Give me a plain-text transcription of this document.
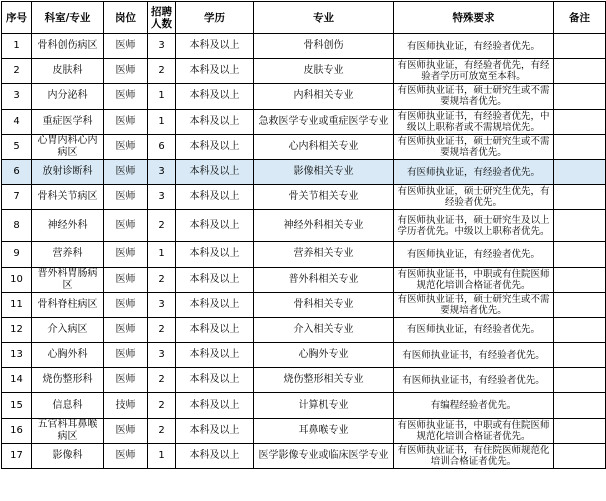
序号	科室/专业	岗位	招聘人数	学历	专业	特殊要求	备注
1	骨科创伤病区	医师	3	本科及以上	骨科创伤	有医师执业证，有经验者优先。	
2	皮肤科	医师	2	本科及以上	皮肤专业	有医师执业证，有经验者优先，有经验者学历可放宽至本科。	
3	内分泌科	医师	1	本科及以上	内科相关专业	有医师执业证书，硕士研究生或不需要规培者优先。	
4	重症医学科	医师	1	本科及以上	急救医学专业或重症医学专业	有医师执业证书，有经验者优先，中级以上职称者或不需规培优先。	
5	心胃内科心内病区	医师	6	本科及以上	心内科相关专业	有医师执业证书，硕士研究生或不需要规培者优先。	
6	放射诊断科	医师	3	本科及以上	影像相关专业	有医师执业证，有经验者优先。	
7	骨科关节病区	医师	3	本科及以上	骨关节相关专业	有医师执业证，硕士研究生优先，有经验者优先。	
8	神经外科	医师	2	本科及以上	神经外科相关专业	有医师执业证书，硕士研究生及以上学历者优先。中级以上职称者优先。	
9	营养科	医师	1	本科及以上	营养相关专业	有医师执业证，有经验者优先。	
10	普外科胃肠病区	医师	2	本科及以上	普外科相关专业	有医师执业证书，中职或有住院医师规范化培训合格证者优先。	
11	骨科脊柱病区	医师	3	本科及以上	骨科相关专业	有医师执业证书，硕士研究生或不需要规培者优先。	
12	介入病区	医师	2	本科及以上	介入相关专业	有医师执业证，有经验者优先。	
13	心胸外科	医师	3	本科及以上	心胸外专业	有医师执业证书，有经验者优先。	
14	烧伤整形科	医师	2	本科及以上	烧伤整形相关专业	有医师执业证书，有经验者优先。	
15	信息科	技师	2	本科及以上	计算机专业	有编程经验者优先。	
16	五官科耳鼻喉病区	医师	2	本科及以上	耳鼻喉专业	有医师执业证书，中职或有住院医师规范化培训合格证者优先。	
17	影像科	医师	1	本科及以上	医学影像专业或临床医学专业	有医师执业证书，有住院医师规范化培训合格证者优先。	
